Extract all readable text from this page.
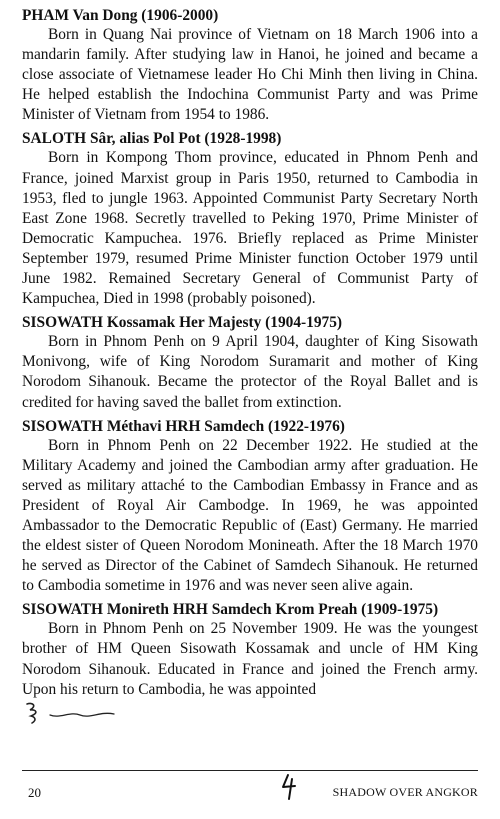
PHAM Van Dong (1906-2000)

Born in Quang Nai province of Vietnam on 18 March 1906 into a mandarin family. After studying law in Hanoi, he joined and became a close associate of Vietnamese leader Ho Chi Minh then living in China. He helped establish the Indochina Communist Party and was Prime Minister of Vietnam from 1954 to 1986.

SALOTH Sâr, alias Pol Pot (1928-1998)

Born in Kompong Thom province, educated in Phnom Penh and France, joined Marxist group in Paris 1950, returned to Cambodia in 1953, fled to jungle 1963. Appointed Communist Party Secretary North East Zone 1968. Secretly travelled to Peking 1970, Prime Minister of Democratic Kampuchea. 1976. Briefly replaced as Prime Minister September 1979, resumed Prime Minister function October 1979 until June 1982. Remained Secretary General of Communist Party of Kampuchea, Died in 1998 (probably poisoned).

SISOWATH Kossamak Her Majesty (1904-1975)

Born in Phnom Penh on 9 April 1904, daughter of King Sisowath Monivong, wife of King Norodom Suramarit and mother of King Norodom Sihanouk. Became the protector of the Royal Ballet and is credited for having saved the ballet from extinction.

SISOWATH Méthavi HRH Samdech (1922-1976)

Born in Phnom Penh on 22 December 1922. He studied at the Military Academy and joined the Cambodian army after graduation. He served as military attaché to the Cambodian Embassy in France and as President of Royal Air Cambodge. In 1969, he was appointed Ambassador to the Democratic Republic of (East) Germany. He married the eldest sister of Queen Norodom Monineath. After the 18 March 1970 he served as Director of the Cabinet of Samdech Sihanouk. He returned to Cambodia sometime in 1976 and was never seen alive again.

SISOWATH Monireth HRH Samdech Krom Preah (1909-1975)

Born in Phnom Penh on 25 November 1909. He was the youngest brother of HM Queen Sisowath Kossamak and uncle of HM King Norodom Sihanouk. Educated in France and joined the French army. Upon his return to Cambodia, he was appointed

20	SHADOW OVER ANGKOR
